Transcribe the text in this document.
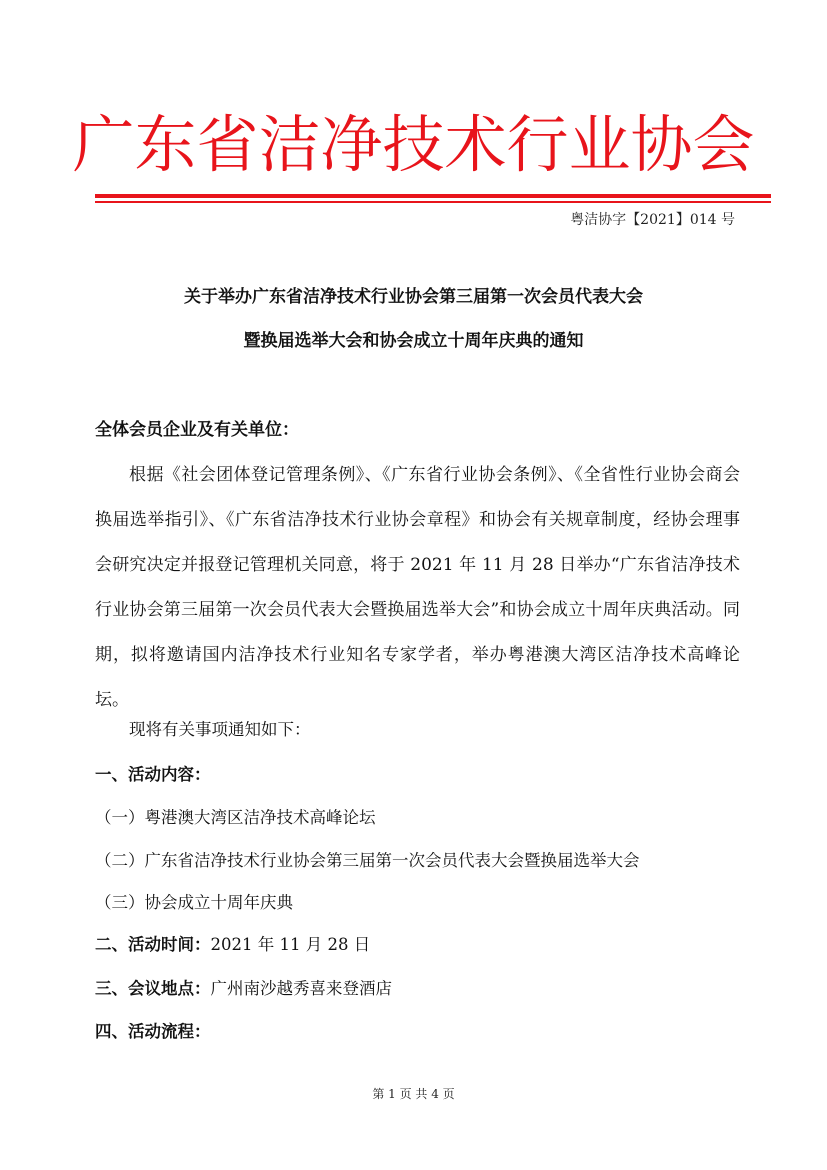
广东省洁净技术行业协会
粤洁协字【2021】014 号
关于举办广东省洁净技术行业协会第三届第一次会员代表大会
暨换届选举大会和协会成立十周年庆典的通知
全体会员企业及有关单位：
根据《社会团体登记管理条例》、《广东省行业协会条例》、《全省性行业协会商会换届选举指引》、《广东省洁净技术行业协会章程》和协会有关规章制度，经协会理事会研究决定并报登记管理机关同意，将于 2021 年 11 月 28 日举办“广东省洁净技术行业协会第三届第一次会员代表大会暨换届选举大会”和协会成立十周年庆典活动。同期，拟将邀请国内洁净技术行业知名专家学者，举办粤港澳大湾区洁净技术高峰论坛。
现将有关事项通知如下：
一、活动内容：
（一）粤港澳大湾区洁净技术高峰论坛
（二）广东省洁净技术行业协会第三届第一次会员代表大会暨换届选举大会
（三）协会成立十周年庆典
二、活动时间：2021 年 11 月 28 日
三、会议地点：广州南沙越秀喜来登酒店
四、活动流程：
第 1 页 共 4 页
